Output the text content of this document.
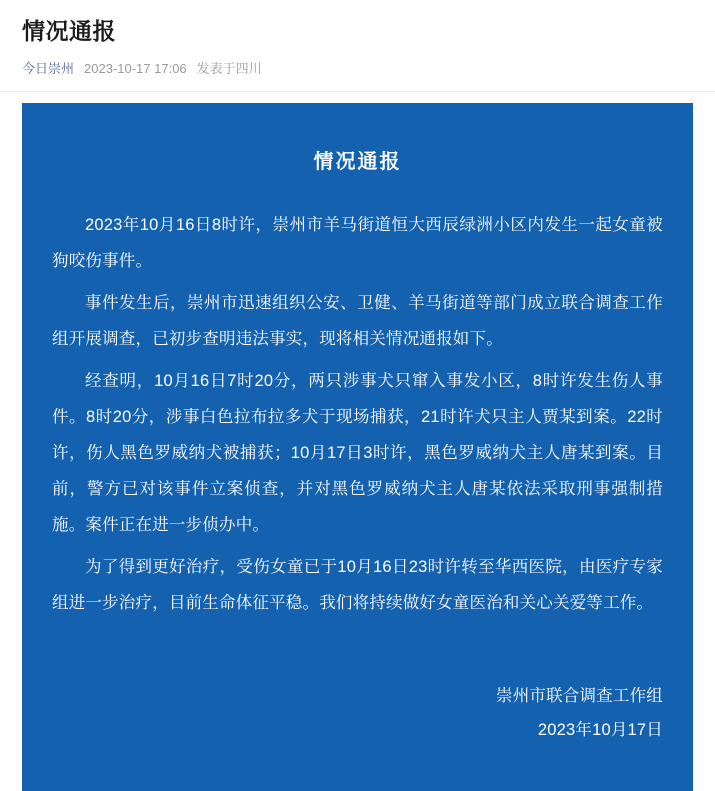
情况通报
今日崇州 2023-10-17 17:06 发表于四川
情况通报

2023年10月16日8时许，崇州市羊马街道恒大西辰绿洲小区内发生一起女童被狗咬伤事件。

事件发生后，崇州市迅速组织公安、卫健、羊马街道等部门成立联合调查工作组开展调查，已初步查明违法事实，现将相关情况通报如下。

经查明，10月16日7时20分，两只涉事犬只窜入事发小区，8时许发生伤人事件。8时20分，涉事白色拉布拉多犬于现场捕获，21时许犬只主人贾某到案。22时许，伤人黑色罗威纳犬被捕获；10月17日3时许，黑色罗威纳犬主人唐某到案。目前，警方已对该事件立案侦查，并对黑色罗威纳犬主人唐某依法采取刑事强制措施。案件正在进一步侦办中。

为了得到更好治疗，受伤女童已于10月16日23时许转至华西医院，由医疗专家组进一步治疗，目前生命体征平稳。我们将持续做好女童医治和关心关爱等工作。

崇州市联合调查工作组
2023年10月17日
